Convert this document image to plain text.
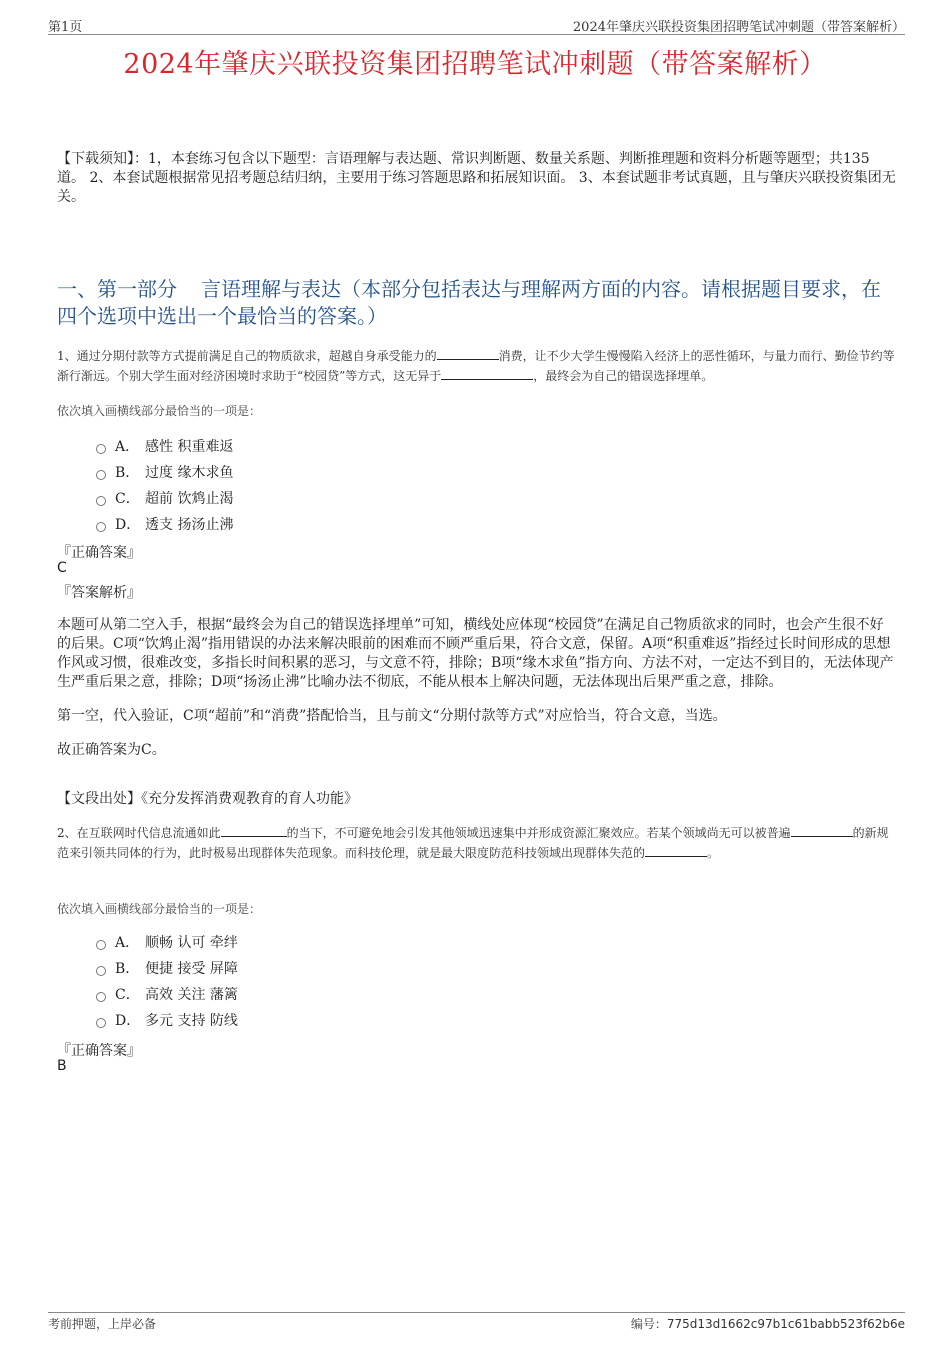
第1页	2024年肇庆兴联投资集团招聘笔试冲刺题（带答案解析）
2024年肇庆兴联投资集团招聘笔试冲刺题（带答案解析）
【下载须知】：1，本套练习包含以下题型：言语理解与表达题、常识判断题、数量关系题、判断推理题和资料分析题等题型；共135道。 2、本套试题根据常见招考题总结归纳，主要用于练习答题思路和拓展知识面。 3、本套试题非考试真题，且与肇庆兴联投资集团无关。
一、第一部分 言语理解与表达（本部分包括表达与理解两方面的内容。请根据题目要求，在四个选项中选出一个最恰当的答案。）
1、通过分期付款等方式提前满足自己的物质欲求，超越自身承受能力的	消费，让不少大学生慢慢陷入经济上的恶性循环，与量力而行、勤俭节约等渐行渐远。个别大学生面对经济困境时求助于“校园贷”等方式，这无异于	，最终会为自己的错误选择埋单。
依次填入画横线部分最恰当的一项是：
A． 感性 积重难返
B． 过度 缘木求鱼
C． 超前 饮鸩止渴
D． 透支 扬汤止沸
『正确答案』
C
『答案解析』

本题可从第二空入手，根据“最终会为自己的错误选择埋单”可知，横线处应体现“校园贷”在满足自己物质欲求的同时，也会产生很不好的后果。C项“饮鸩止渴”指用错误的办法来解决眼前的困难而不顾严重后果，符合文意，保留。A项“积重难返”指经过长时间形成的思想作风或习惯，很难改变，多指长时间积累的恶习，与文意不符，排除；B项“缘木求鱼”指方向、方法不对，一定达不到目的，无法体现产生严重后果之意，排除；D项“扬汤止沸”比喻办法不彻底，不能从根本上解决问题，无法体现出后果严重之意，排除。

第一空，代入验证，C项“超前”和“消费”搭配恰当，且与前文“分期付款等方式”对应恰当，符合文意，当选。

故正确答案为C。

【文段出处】《充分发挥消费观教育的育人功能》
2、在互联网时代信息流通如此	的当下，不可避免地会引发其他领域迅速集中并形成资源汇聚效应。若某个领域尚无可以被普遍	的新规范来引领共同体的行为，此时极易出现群体失范现象。而科技伦理，就是最大限度防范科技领域出现群体失范的	。
依次填入画横线部分最恰当的一项是：
A． 顺畅 认可 牵绊
B． 便捷 接受 屏障
C． 高效 关注 藩篱
D． 多元 支持 防线
『正确答案』
B
考前押题，上岸必备	编号：775d13d1662c97b1c61babb523f62b6e
